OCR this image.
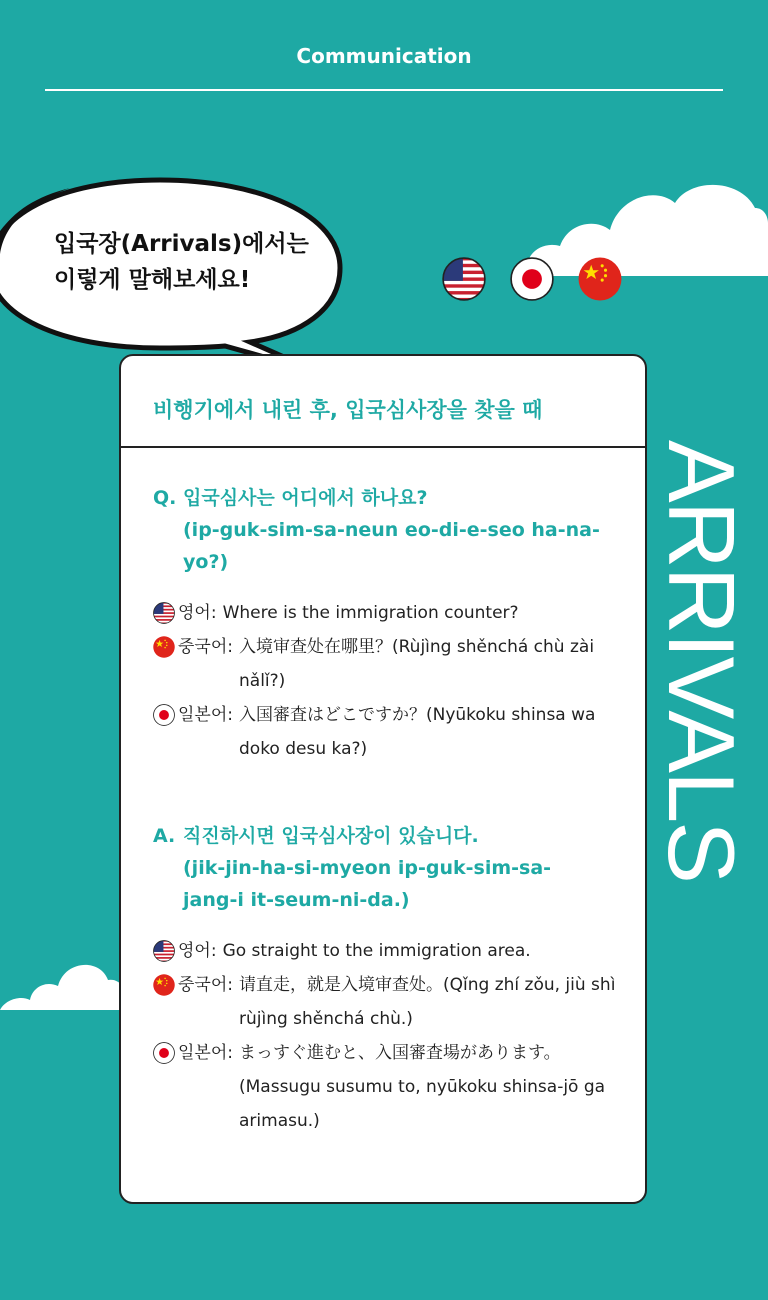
Communication
입국장(Arrivals)에서는
이렇게 말해보세요!
ARRIVALS
비행기에서 내린 후, 입국심사장을 찾을 때
Q. 입국심사는 어디에서 하나요?
(ip-guk-sim-sa-neun eo-di-e-seo ha-na-
yo?)
영어: Where is the immigration counter?
중국어: 入境审查处在哪里？(Rùjìng shěnchá chù zài nǎlǐ?)
일본어: 入国審査はどこですか？(Nyūkoku shinsa wa doko desu ka?)
A. 직진하시면 입국심사장이 있습니다.
(jik-jin-ha-si-myeon ip-guk-sim-sa-
jang-i it-seum-ni-da.)
영어: Go straight to the immigration area.
중국어: 请直走，就是入境审查处。(Qǐng zhí zǒu, jiù shì rùjìng shěnchá chù.)
일본어: まっすぐ進むと、入国審査場があります。(Massugu susumu to, nyūkoku shinsa-jō ga arimasu.)
